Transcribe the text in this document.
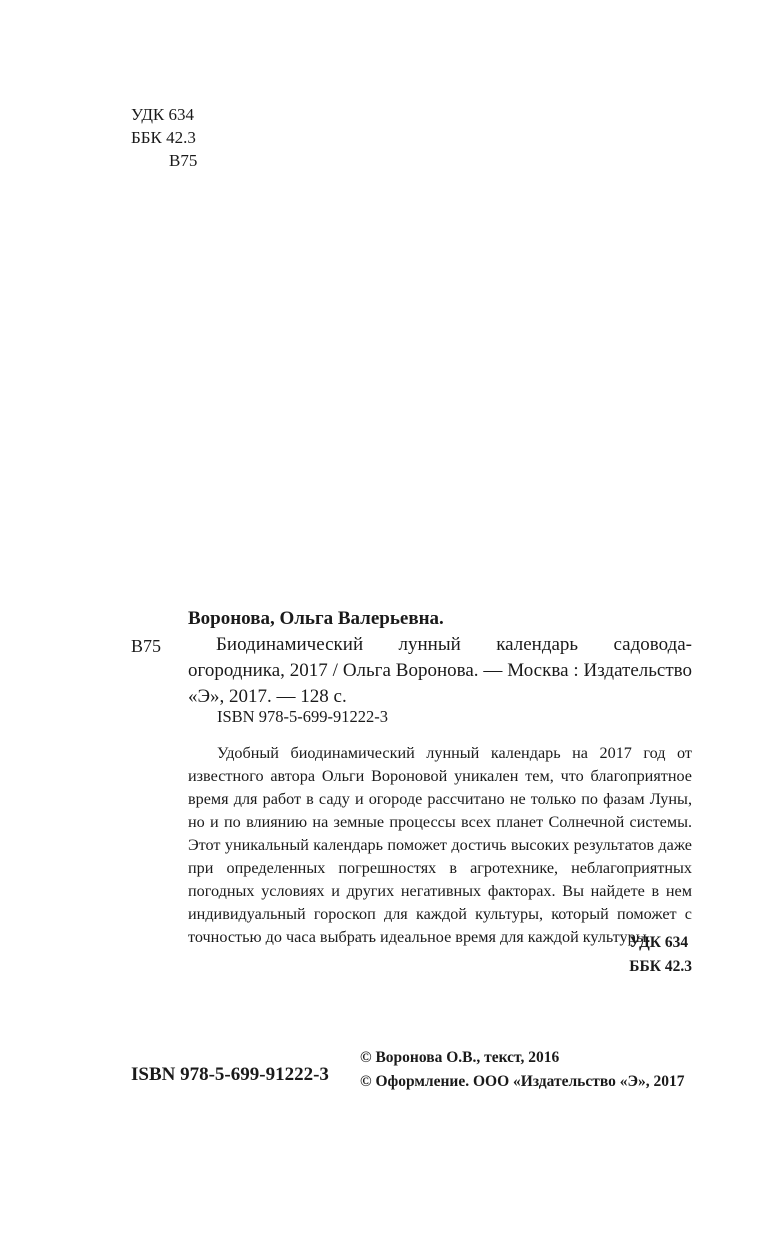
УДК 634
ББК 42.3
В75
В75
Воронова, Ольга Валерьевна.
Биодинамический лунный календарь садовода-огородника, 2017 / Ольга Воронова. — Москва : Издательство «Э», 2017. — 128 с.
ISBN 978-5-699-91222-3
Удобный биодинамический лунный календарь на 2017 год от известного автора Ольги Вороновой уникален тем, что благоприятное время для работ в саду и огороде рассчитано не только по фазам Луны, но и по влиянию на земные процессы всех планет Солнечной системы. Этот уникальный календарь поможет достичь высоких результатов даже при определенных погрешностях в агротехнике, неблагоприятных погодных условиях и других негативных факторах. Вы найдете в нем индивидуальный гороскоп для каждой культуры, который поможет с точностью до часа выбрать идеальное время для каждой культуры.
УДК 634
ББК 42.3
ISBN 978-5-699-91222-3
© Воронова О.В., текст, 2016
© Оформление. ООО «Издательство «Э», 2017
